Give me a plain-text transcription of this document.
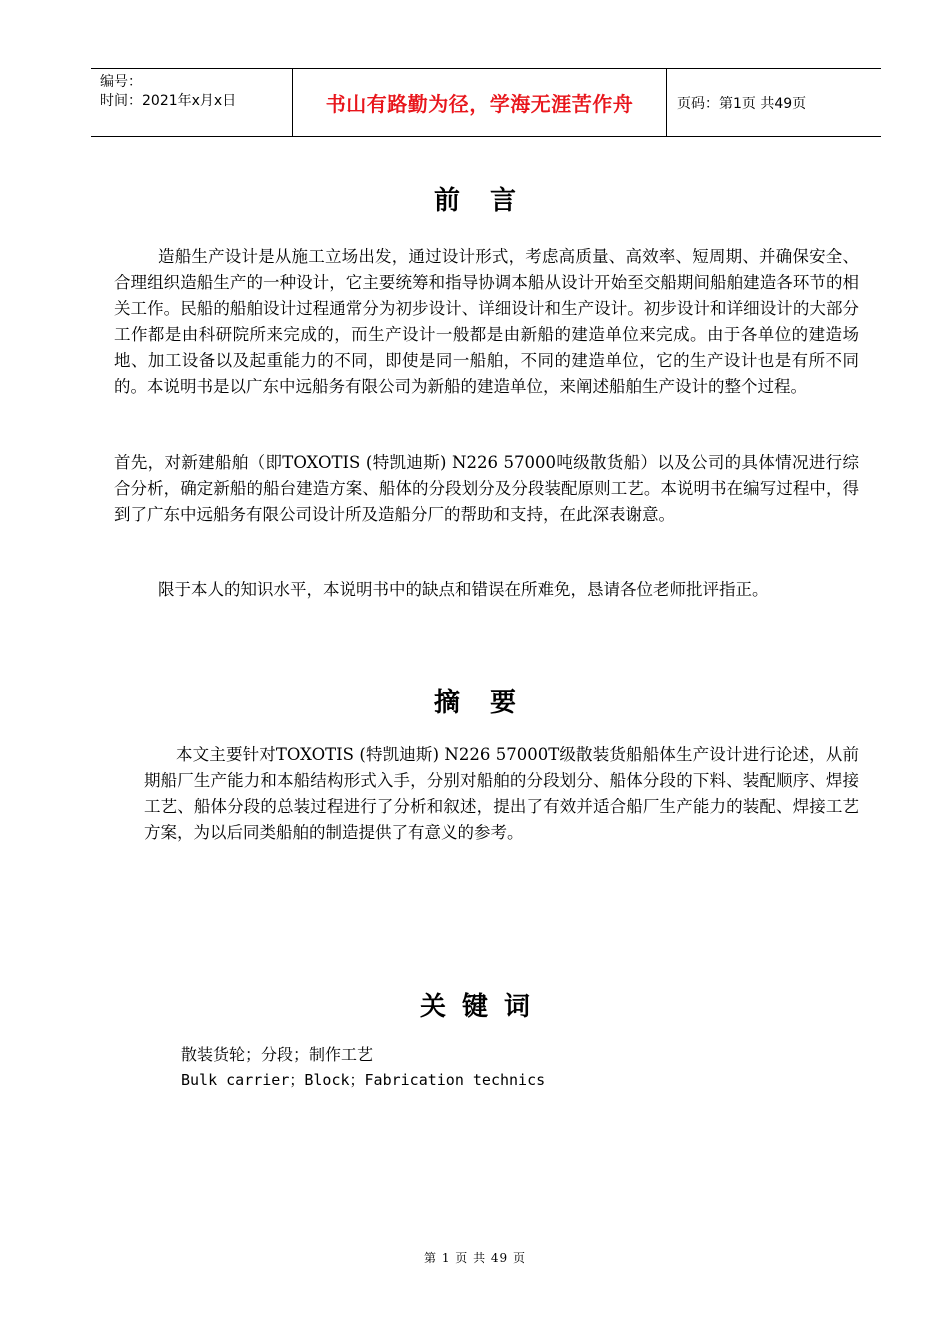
编号：
时间：2021年x月x日	书山有路勤为径，学海无涯苦作舟	页码：第1页 共49页
前言

造船生产设计是从施工立场出发，通过设计形式，考虑高质量、高效率、短周期、并确保安全、合理组织造船生产的一种设计，它主要统筹和指导协调本船从设计开始至交船期间船舶建造各环节的相关工作。民船的船舶设计过程通常分为初步设计、详细设计和生产设计。初步设计和详细设计的大部分工作都是由科研院所来完成的，而生产设计一般都是由新船的建造单位来完成。由于各单位的建造场地、加工设备以及起重能力的不同，即使是同一船舶，不同的建造单位，它的生产设计也是有所不同的。本说明书是以广东中远船务有限公司为新船的建造单位，来阐述船舶生产设计的整个过程。

首先，对新建船舶（即TOXOTIS (特凯迪斯) N226 57000吨级散货船）以及公司的具体情况进行综合分析，确定新船的船台建造方案、船体的分段划分及分段装配原则工艺。本说明书在编写过程中，得到了广东中远船务有限公司设计所及造船分厂的帮助和支持，在此深表谢意。

限于本人的知识水平，本说明书中的缺点和错误在所难免，恳请各位老师批评指正。

摘要

本文主要针对TOXOTIS (特凯迪斯) N226 57000T级散装货船船体生产设计进行论述，从前期船厂生产能力和本船结构形式入手，分别对船舶的分段划分、船体分段的下料、装配顺序、焊接工艺、船体分段的总装过程进行了分析和叙述，提出了有效并适合船厂生产能力的装配、焊接工艺方案，为以后同类船舶的制造提供了有意义的参考。

关键词
散装货轮；分段；制作工艺
Bulk carrier；Block；Fabrication technics
第 1 页 共 49 页
